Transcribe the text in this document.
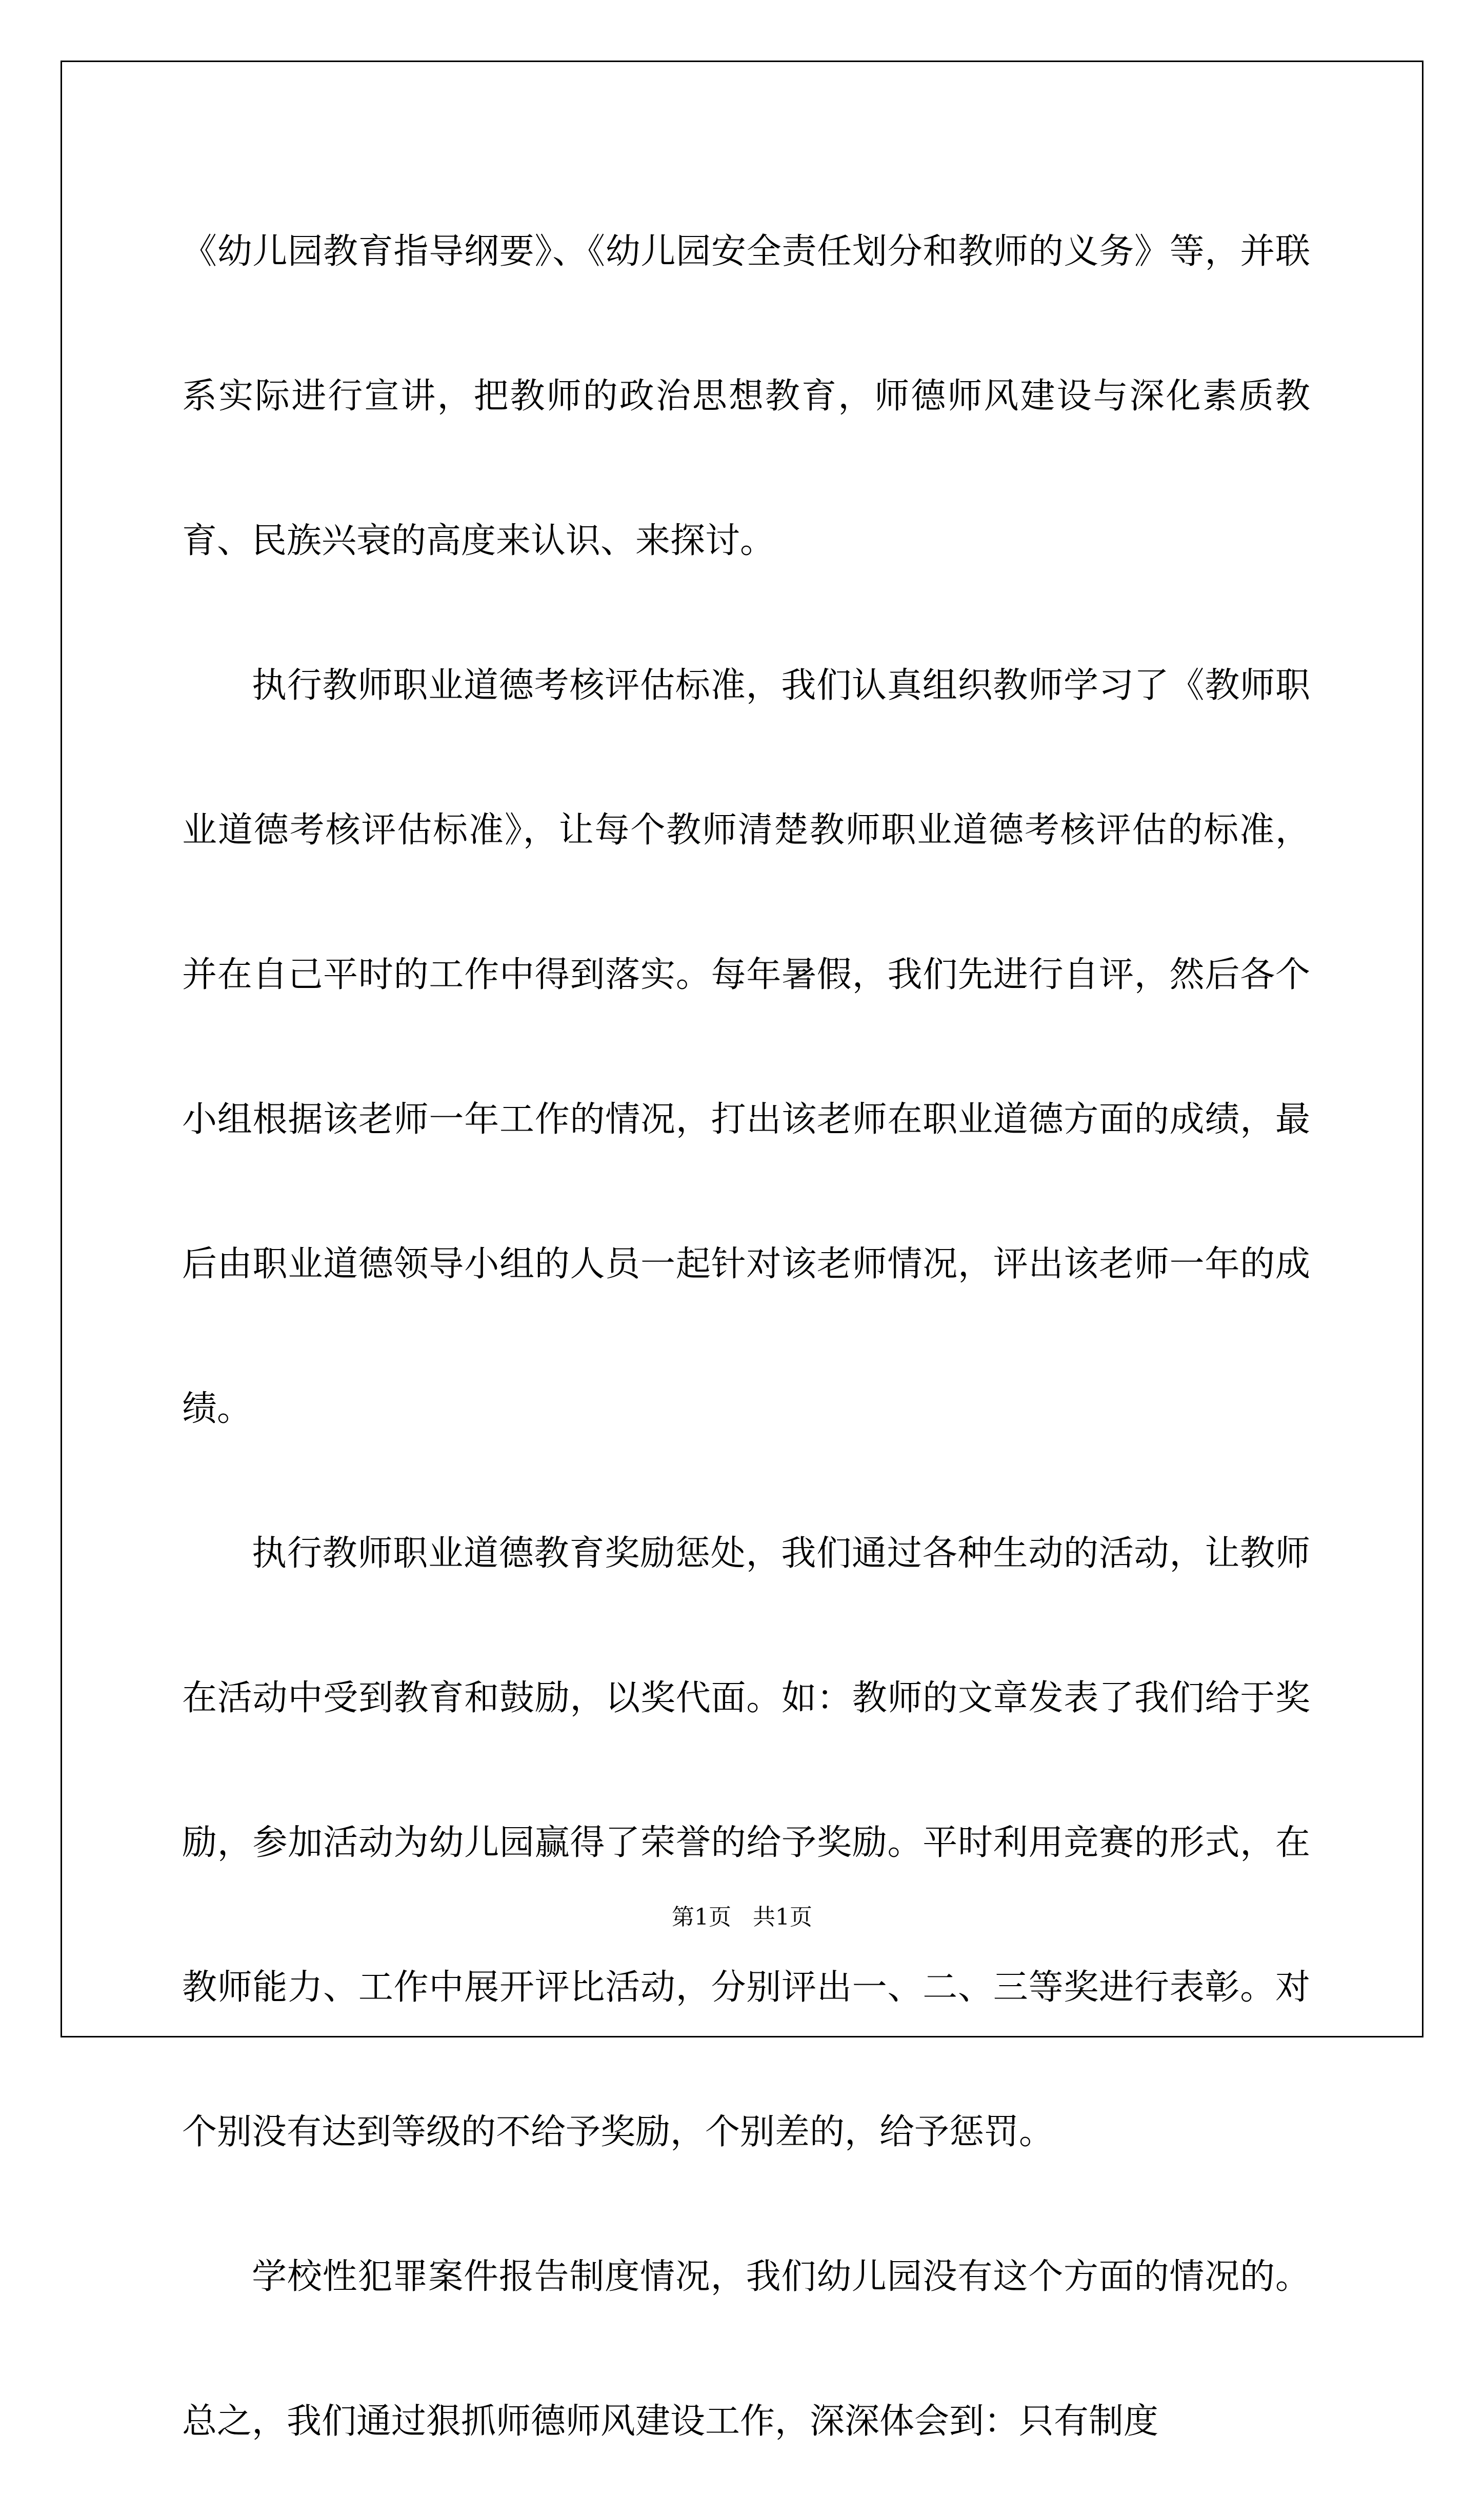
《幼儿园教育指导纲要》、《幼儿园安全责任划分和教师的义务》等，并联系实际进行宣讲，把教师的政治思想教育，师德师风建设与深化素质教育、民族兴衰的高度来认识、来探讨。

执行教师职业道德考核评估标准，我们认真组织教师学习了《教师职业道德考核评估标准》，让每个教师清楚教师职业道德考核评估的标准，并在自己平时的工作中得到落实。每年暑假，我们先进行自评，然后各个小组根据该老师一年工作的情况，打出该老师在职业道德方面的成绩，最后由职业道德领导小组的人员一起针对该老师情况，评出该老师一年的成绩。

执行教师职业道德教育奖励惩处，我们通过各种生动的活动，让教师在活动中受到教育和鼓励，以奖代面。如：教师的文章发表了我们给于奖励，参加活动为幼儿园赢得了荣誉的给予奖励。平时利用竞赛的形式，在教师能力、工作中展开评比活动，分别评出一、二、三等奖进行表彰。对个别没有达到等级的不给予奖励，个别差的，给予惩罚。

学校性犯罪案件报告制度情况，我们幼儿园没有这个方面的情况的。总之，我们通过狠抓师德师风建设工作，深深体会到：只有制度

第1页   共1页
